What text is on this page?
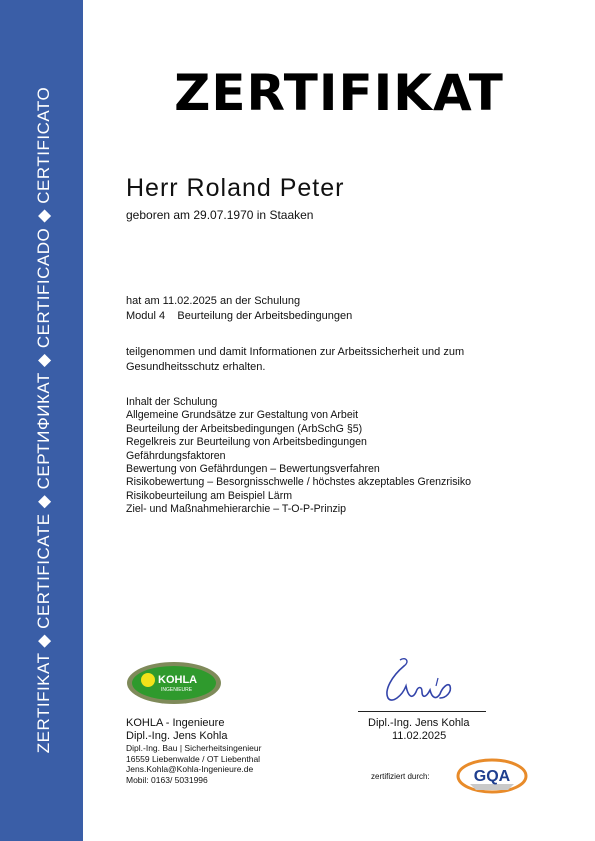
ZERTIFIKAT ◆ CERTIFICATE ◆ СЕРТИФИКАТ ◆ CERTIFICADO ◆ CERTIFICATO	ZERTIFIKAT
Herr Roland Peter
geboren am 29.07.1970 in Staaken
hat am 11.02.2025 an der Schulung
Modul 4    Beurteilung der Arbeitsbedingungen
teilgenommen und damit Informationen zur Arbeitssicherheit und zum
Gesundheitsschutz erhalten.
Inhalt der Schulung
Allgemeine Grundsätze zur Gestaltung von Arbeit
Beurteilung der Arbeitsbedingungen (ArbSchG §5)
Regelkreis zur Beurteilung von Arbeitsbedingungen
Gefährdungsfaktoren
Bewertung von Gefährdungen – Bewertungsverfahren
Risikobewertung – Besorgnisschwelle / höchstes akzeptables Grenzrisiko
Risikobeurteilung am Beispiel Lärm
Ziel- und Maßnahmehierarchie – T-O-P-Prinzip
KOHLA
INGENIEURE
KOHLA - Ingenieure
Dipl.-Ing. Jens Kohla
Dipl.-Ing. Bau | Sicherheitsingenieur
16559 Liebenwalde / OT Liebenthal
Jens.Kohla@Kohla-Ingenieure.de
Mobil: 0163/ 5031996
Dipl.-Ing. Jens Kohla
11.02.2025
zertifiziert durch:	GQA
